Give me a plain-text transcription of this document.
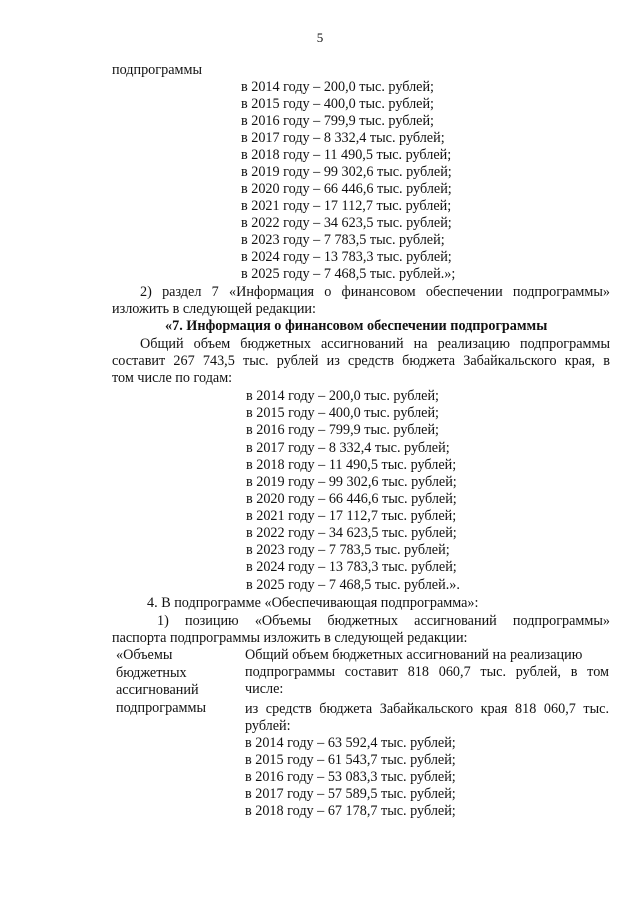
5
подпрограммы
в 2014 году – 200,0 тыс. рублей;
в 2015 году – 400,0 тыс. рублей;
в 2016 году – 799,9 тыс. рублей;
в 2017 году – 8 332,4 тыс. рублей;
в 2018 году – 11 490,5 тыс. рублей;
в 2019 году – 99 302,6 тыс. рублей;
в 2020 году – 66 446,6 тыс. рублей;
в 2021 году – 17 112,7 тыс. рублей;
в 2022 году – 34 623,5 тыс. рублей;
в 2023 году – 7 783,5 тыс. рублей;
в 2024 году – 13 783,3 тыс. рублей;
в 2025 году – 7 468,5 тыс. рублей.»;
2) раздел 7 «Информация о финансовом обеспечении подпрограммы»
изложить в следующей редакции:
«7. Информация о финансовом обеспечении подпрограммы
Общий объем бюджетных ассигнований на реализацию подпрограммы
составит 267 743,5 тыс. рублей из средств бюджета Забайкальского края, в
том числе по годам:
в 2014 году – 200,0 тыс. рублей;
в 2015 году – 400,0 тыс. рублей;
в 2016 году – 799,9 тыс. рублей;
в 2017 году – 8 332,4 тыс. рублей;
в 2018 году – 11 490,5 тыс. рублей;
в 2019 году – 99 302,6 тыс. рублей;
в 2020 году – 66 446,6 тыс. рублей;
в 2021 году – 17 112,7 тыс. рублей;
в 2022 году – 34 623,5 тыс. рублей;
в 2023 году – 7 783,5 тыс. рублей;
в 2024 году – 13 783,3 тыс. рублей;
в 2025 году – 7 468,5 тыс. рублей.».
4. В подпрограмме «Обеспечивающая подпрограмма»:
1) позицию «Объемы бюджетных ассигнований подпрограммы»
паспорта подпрограммы изложить в следующей редакции:
«Объемы
бюджетных
ассигнований
подпрограммы
Общий объем бюджетных ассигнований на реализацию
подпрограммы составит 818 060,7 тыс. рублей, в том
числе:
из средств бюджета Забайкальского края 818 060,7 тыс.
рублей:
в 2014 году – 63 592,4 тыс. рублей;
в 2015 году – 61 543,7 тыс. рублей;
в 2016 году – 53 083,3 тыс. рублей;
в 2017 году – 57 589,5 тыс. рублей;
в 2018 году – 67 178,7 тыс. рублей;
